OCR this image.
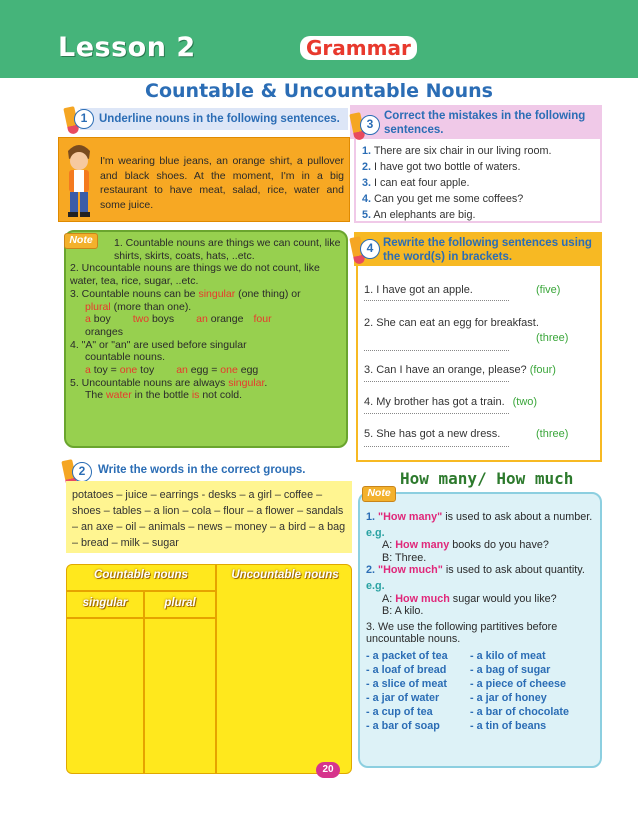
Lesson 2	Grammar
Countable & Uncountable Nouns
1	Underline nouns in the following sentences.
I'm wearing blue jeans, an orange shirt, a pullover and black shoes. At the moment, I'm in a big restaurant to have meat, salad, rice, water and some juice.
Note	1. Countable nouns are things we can count, like shirts, skirts, coats, hats, ..etc.
2. Uncountable nouns are things we do not count, like water, tea, rice, sugar, ..etc.
3. Countable nouns can be singular (one thing) or
plural (more than one).
a boy two boys an orange four
oranges
4. "A" or "an" are used before singular
countable nouns.
a toy = one toy an egg = one egg
5. Uncountable nouns are always singular.
The water in the bottle is not cold.
2	Write the words in the correct groups.
potatoes – juice – earrings - desks – a girl – coffee – shoes – tables – a lion – cola – flour – a flower – sandals – an axe – oil – animals – news – money – a bird – a bag – bread – milk – sugar
Countable nouns	Uncountable nouns
singular	plural
3
Correct the mistakes in the following sentences.
1. There are six chair in our living room.
2. I have got two bottle of waters.
3. I can eat four apple.
4. Can you get me some coffees?
5. An elephants are big.
4 Rewrite the following sentences using the word(s) in brackets.
1. I have got an apple.	(five)
2. She can eat an egg for breakfast.
(three)
3. Can I have an orange, please? (four)
4. My brother has got a train. (two)
5. She has got a new dress.	(three)
How many/ How much
Note
1. "How many" is used to ask about a number.
e.g.
A: How many books do you have?
B: Three.
2. "How much" is used to ask about quantity.
e.g.
A: How much sugar would you like?
B: A kilo.
3. We use the following partitives before uncountable nouns.
- a packet of tea	- a kilo of meat
- a loaf of bread	- a bag of sugar
- a slice of meat	- a piece of cheese
- a jar of water	- a jar of honey
- a cup of tea	- a bar of chocolate
- a bar of soap	- a tin of beans
20
